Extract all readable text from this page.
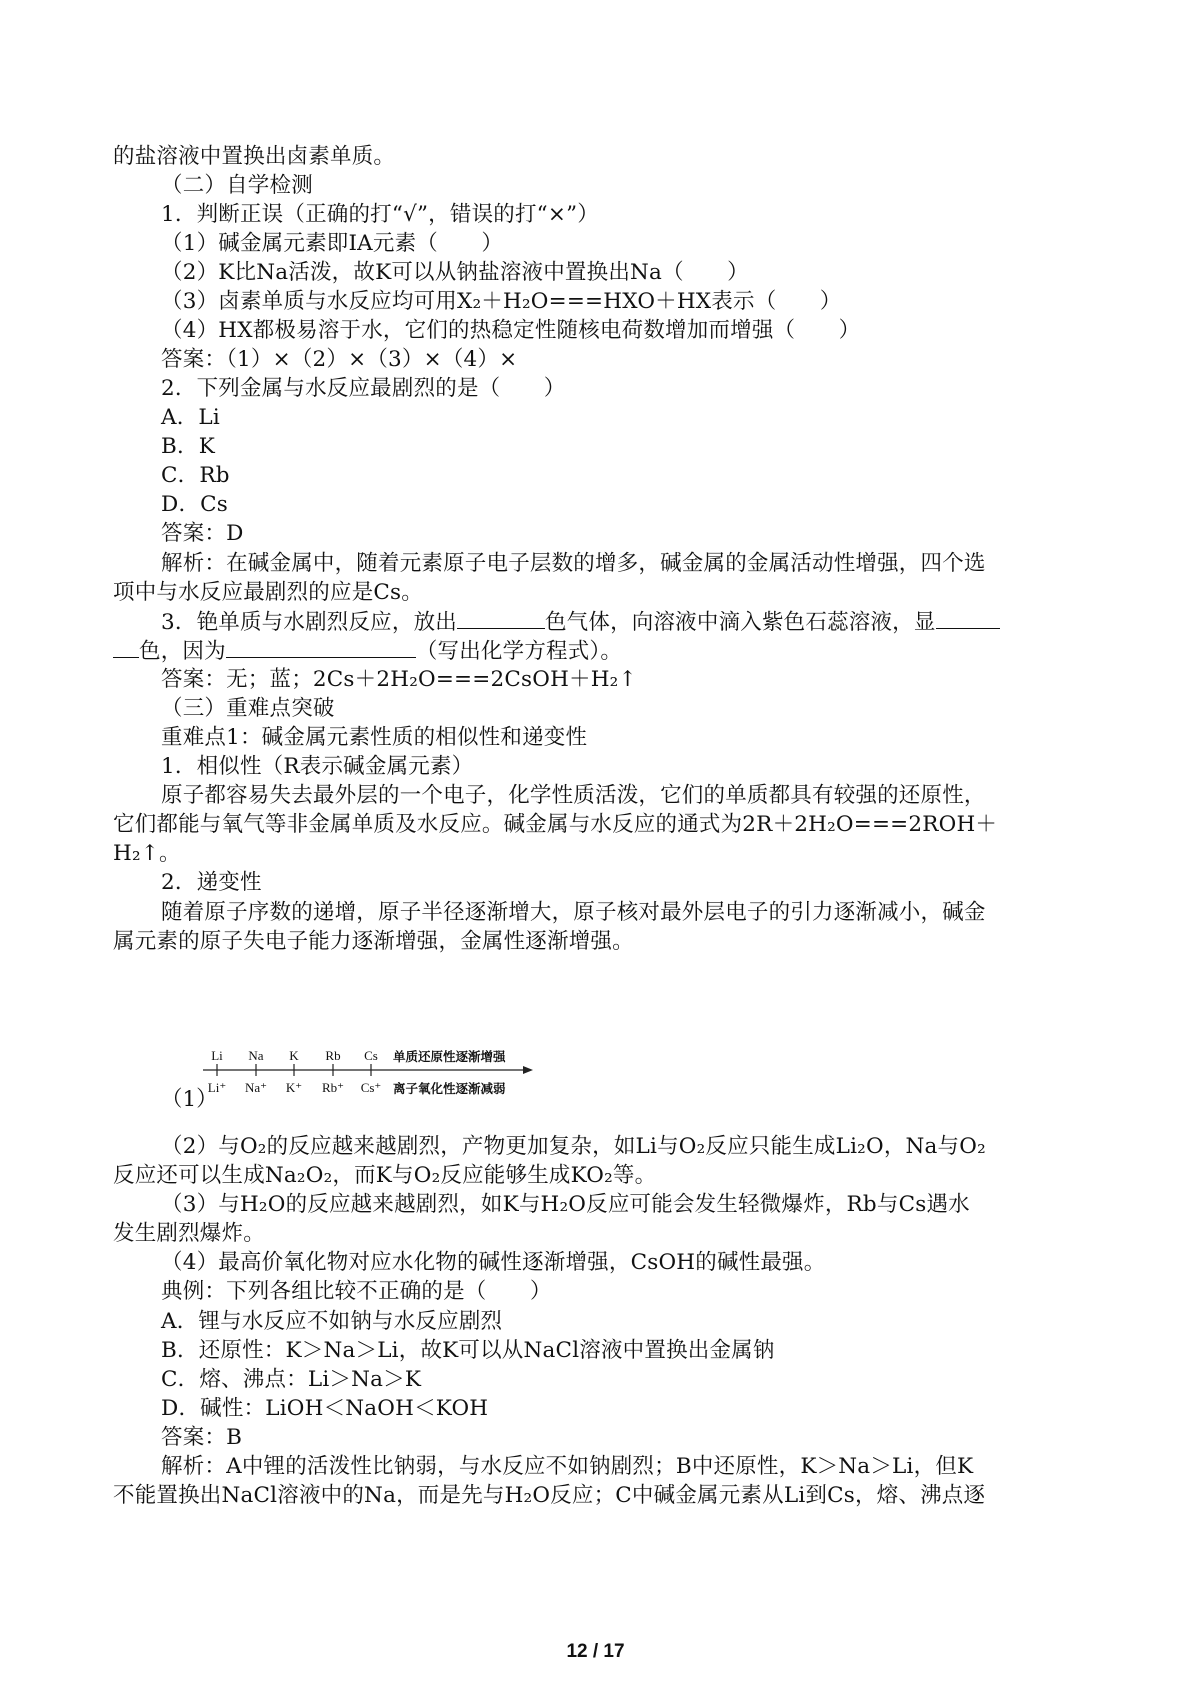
的盐溶液中置换出卤素单质。
（二）自学检测
1．判断正误（正确的打“√”，错误的打“×”）
（1）碱金属元素即ⅠA元素（　　）
（2）K比Na活泼，故K可以从钠盐溶液中置换出Na（　　）
（3）卤素单质与水反应均可用X₂＋H₂O===HXO＋HX表示（　　）
（4）HX都极易溶于水，它们的热稳定性随核电荷数增加而增强（　　）
答案：（1）×（2）×（3）×（4）×
2．下列金属与水反应最剧烈的是（　　）
A．Li
B．K
C．Rb
D．Cs
答案：D
解析：在碱金属中，随着元素原子电子层数的增多，碱金属的金属活动性增强，四个选
项中与水反应最剧烈的应是Cs。
3．铯单质与水剧烈反应，放出	色气体，向溶液中滴入紫色石蕊溶液，显
色，因为	（写出化学方程式）。
答案：无；蓝；2Cs＋2H₂O===2CsOH＋H₂↑
（三）重难点突破
重难点1：碱金属元素性质的相似性和递变性
1．相似性（R表示碱金属元素）
原子都容易失去最外层的一个电子，化学性质活泼，它们的单质都具有较强的还原性，
它们都能与氧气等非金属单质及水反应。碱金属与水反应的通式为2R＋2H₂O===2ROH＋
H₂↑。
2．递变性
随着原子序数的递增，原子半径逐渐增大，原子核对最外层电子的引力逐渐减小，碱金
属元素的原子失电子能力逐渐增强，金属性逐渐增强。
（1）
Li Na K Rb Cs
Li⁺ Na⁺ K⁺ Rb⁺ Cs⁺
单质还原性逐渐增强
离子氧化性逐渐减弱
（2）与O₂的反应越来越剧烈，产物更加复杂，如Li与O₂反应只能生成Li₂O，Na与O₂
反应还可以生成Na₂O₂，而K与O₂反应能够生成KO₂等。
（3）与H₂O的反应越来越剧烈，如K与H₂O反应可能会发生轻微爆炸，Rb与Cs遇水
发生剧烈爆炸。
（4）最高价氧化物对应水化物的碱性逐渐增强，CsOH的碱性最强。
典例：下列各组比较不正确的是（　　）
A．锂与水反应不如钠与水反应剧烈
B．还原性：K＞Na＞Li，故K可以从NaCl溶液中置换出金属钠
C．熔、沸点：Li＞Na＞K
D．碱性：LiOH＜NaOH＜KOH
答案：B
解析：A中锂的活泼性比钠弱，与水反应不如钠剧烈；B中还原性，K＞Na＞Li，但K
不能置换出NaCl溶液中的Na，而是先与H₂O反应；C中碱金属元素从Li到Cs，熔、沸点逐
12 / 17
